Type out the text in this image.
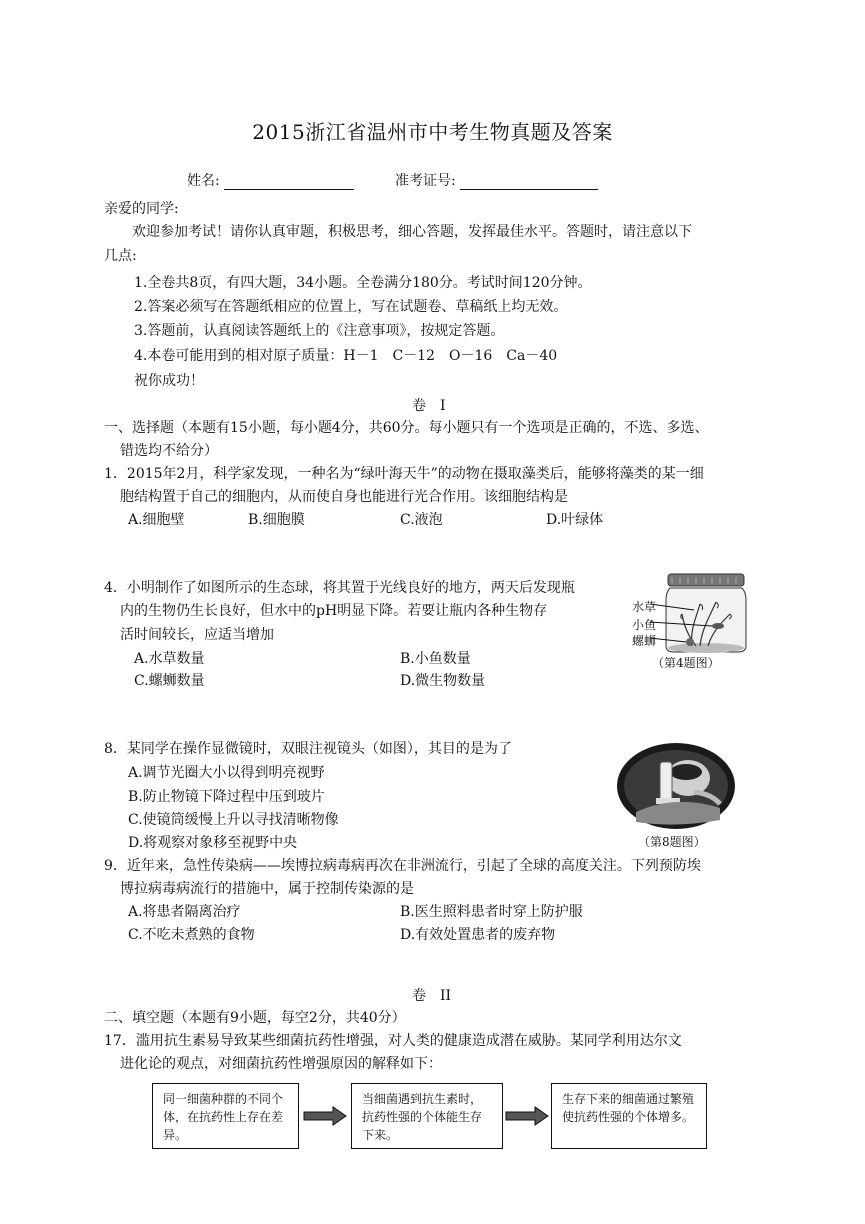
2015浙江省温州市中考生物真题及答案
姓名:	准考证号:
亲爱的同学:
欢迎参加考试！请你认真审题，积极思考，细心答题，发挥最佳水平。答题时，请注意以下
几点:
1.全卷共8页，有四大题，34小题。全卷满分180分。考试时间120分钟。
2.答案必须写在答题纸相应的位置上，写在试题卷、草稿纸上均无效。
3.答题前，认真阅读答题纸上的《注意事项》，按规定答题。
4.本卷可能用到的相对原子质量：H－1　C－12　O－16　Ca－40
祝你成功！
卷　I
一、选择题（本题有15小题，每小题4分，共60分。每小题只有一个选项是正确的，不选、多选、
错选均不给分）
1．2015年2月，科学家发现，一种名为“绿叶海天牛”的动物在摄取藻类后，能够将藻类的某一细
胞结构置于自己的细胞内，从而使自身也能进行光合作用。该细胞结构是
A.细胞壁	B.细胞膜	C.液泡	D.叶绿体
4．小明制作了如图所示的生态球，将其置于光线良好的地方，两天后发现瓶
内的生物仍生长良好，但水中的pH明显下降。若要让瓶内各种生物存
活时间较长，应适当增加
A.水草数量	B.小鱼数量
C.螺蛳数量	D.微生物数量
水草
小鱼
螺蛳
（第4题图）
8．某同学在操作显微镜时，双眼注视镜头（如图），其目的是为了
A.调节光圈大小以得到明亮视野
B.防止物镜下降过程中压到玻片
C.使镜筒缓慢上升以寻找清晰物像
D.将观察对象移至视野中央	（第8题图）
9．近年来，急性传染病——埃博拉病毒病再次在非洲流行，引起了全球的高度关注。下列预防埃
博拉病毒病流行的措施中，属于控制传染源的是
A.将患者隔离治疗	B.医生照料患者时穿上防护服
C.不吃未煮熟的食物	D.有效处置患者的废弃物
卷　II
二、填空题（本题有9小题，每空2分，共40分）
17．滥用抗生素易导致某些细菌抗药性增强，对人类的健康造成潜在威胁。某同学利用达尔文
进化论的观点，对细菌抗药性增强原因的解释如下：
同一细菌种群的不同个体，在抗药性上存在差异。
当细菌遇到抗生素时，抗药性强的个体能生存下来。
生存下来的细菌通过繁殖使抗药性强的个体增多。
